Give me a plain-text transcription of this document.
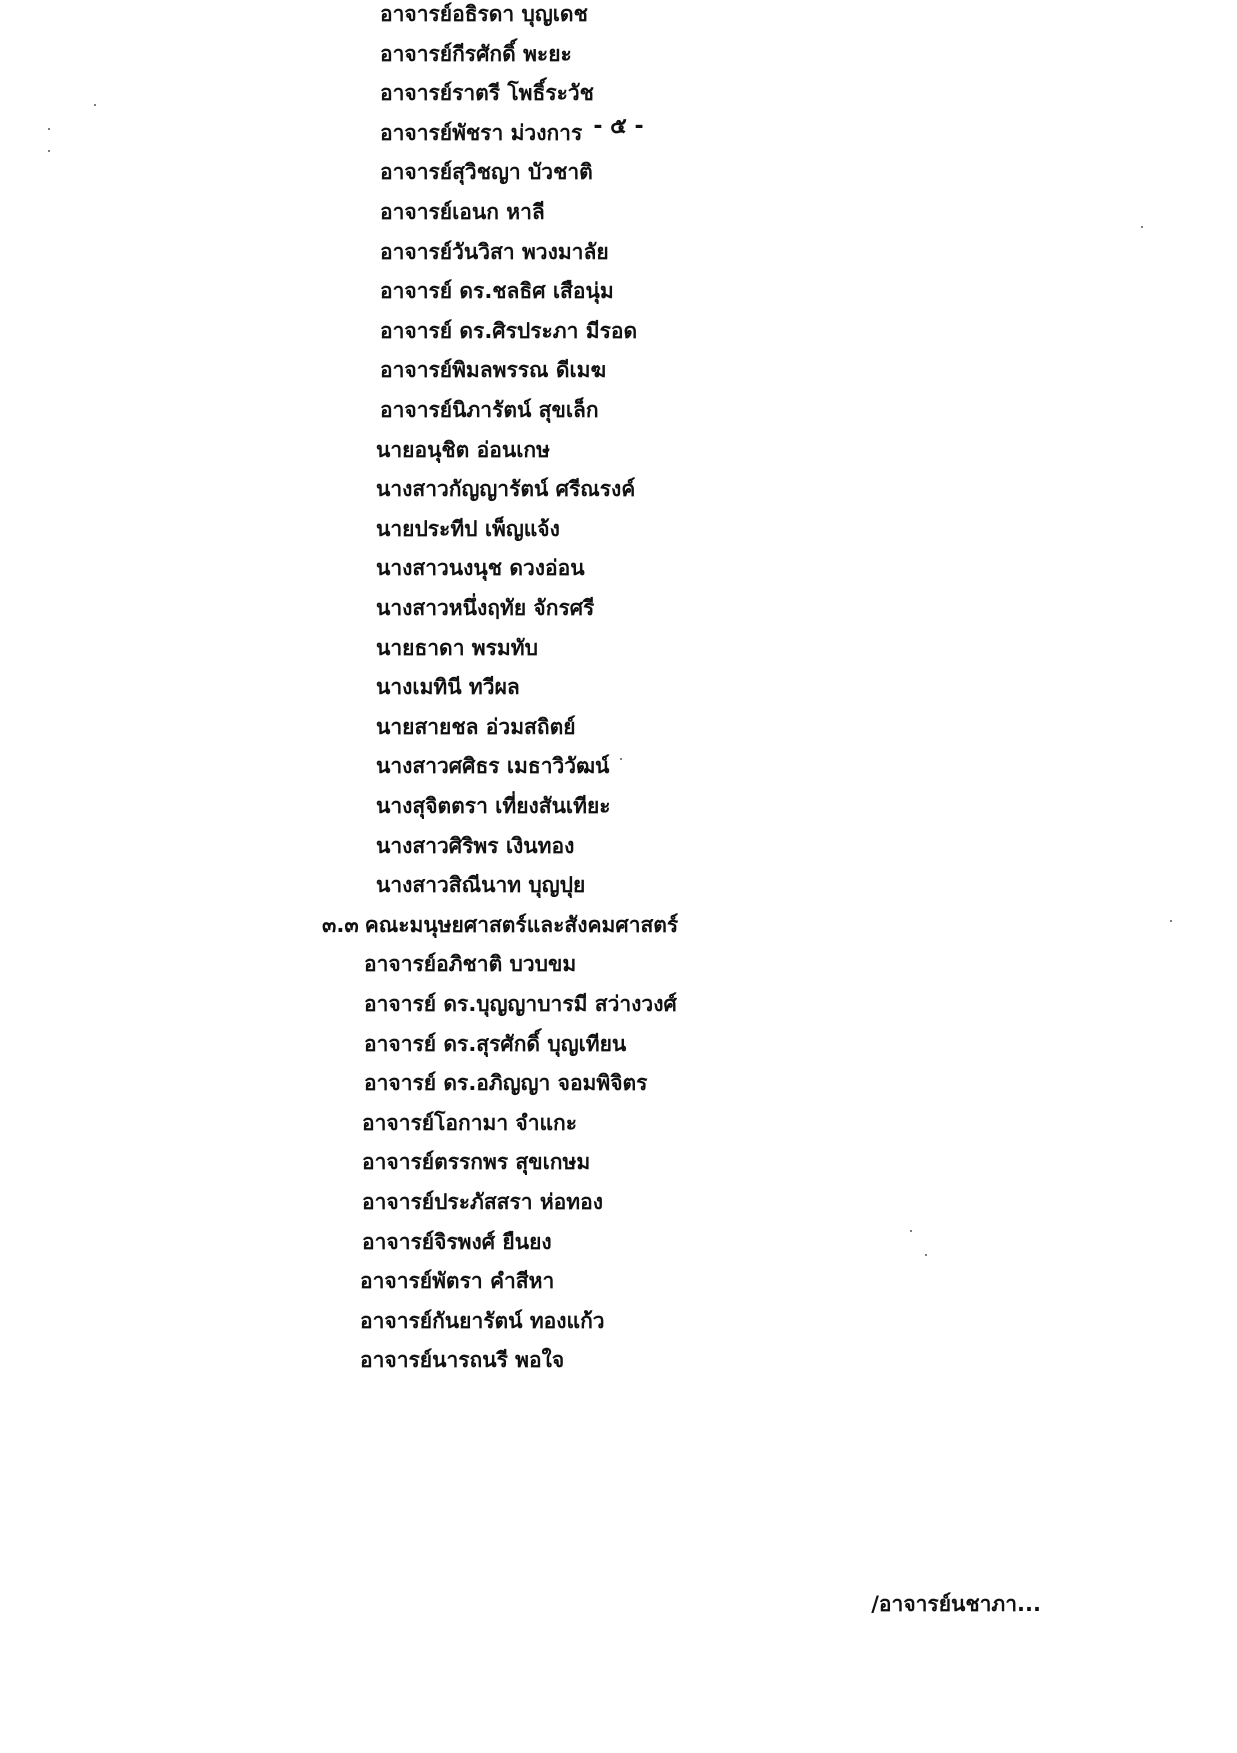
- ๕ -
อาจารย์อธิรดา บุญเดช
อาจารย์กีรศักดิ์ พะยะ
อาจารย์ราตรี โพธิ์ระวัช
อาจารย์พัชรา ม่วงการ
อาจารย์สุวิชญา บัวชาติ
อาจารย์เอนก หาลี
อาจารย์วันวิสา พวงมาลัย
อาจารย์ ดร.ชลธิศ เสือนุ่ม
อาจารย์ ดร.ศิรประภา มีรอด
อาจารย์พิมลพรรณ ดีเมฆ
อาจารย์นิภารัตน์ สุขเล็ก
นายอนุชิต อ่อนเกษ
นางสาวกัญญารัตน์ ศรีณรงค์
นายประทีป เพ็ญแจ้ง
นางสาวนงนุช ดวงอ่อน
นางสาวหนึ่งฤทัย จักรศรี
นายธาดา พรมทับ
นางเมทินี ทวีผล
นายสายชล อ่วมสถิตย์
นางสาวศศิธร เมธาวิวัฒน์
นางสุจิตตรา เที่ยงสันเทียะ
นางสาวศิริพร เงินทอง
นางสาวสิณีนาท บุญปุย
๓.๓ คณะมนุษยศาสตร์และสังคมศาสตร์
อาจารย์อภิชาติ บวบขม
อาจารย์ ดร.บุญญาบารมี สว่างวงศ์
อาจารย์ ดร.สุรศักดิ์ บุญเทียน
อาจารย์ ดร.อภิญญา จอมพิจิตร
อาจารย์โอกามา จำแกะ
อาจารย์ตรรกพร สุขเกษม
อาจารย์ประภัสสรา ห่อทอง
อาจารย์จิรพงศ์ ยืนยง
อาจารย์พัตรา คำสีหา
อาจารย์กันยารัตน์ ทองแก้ว
อาจารย์นารถนรี พอใจ
/อาจารย์นชาภา...
